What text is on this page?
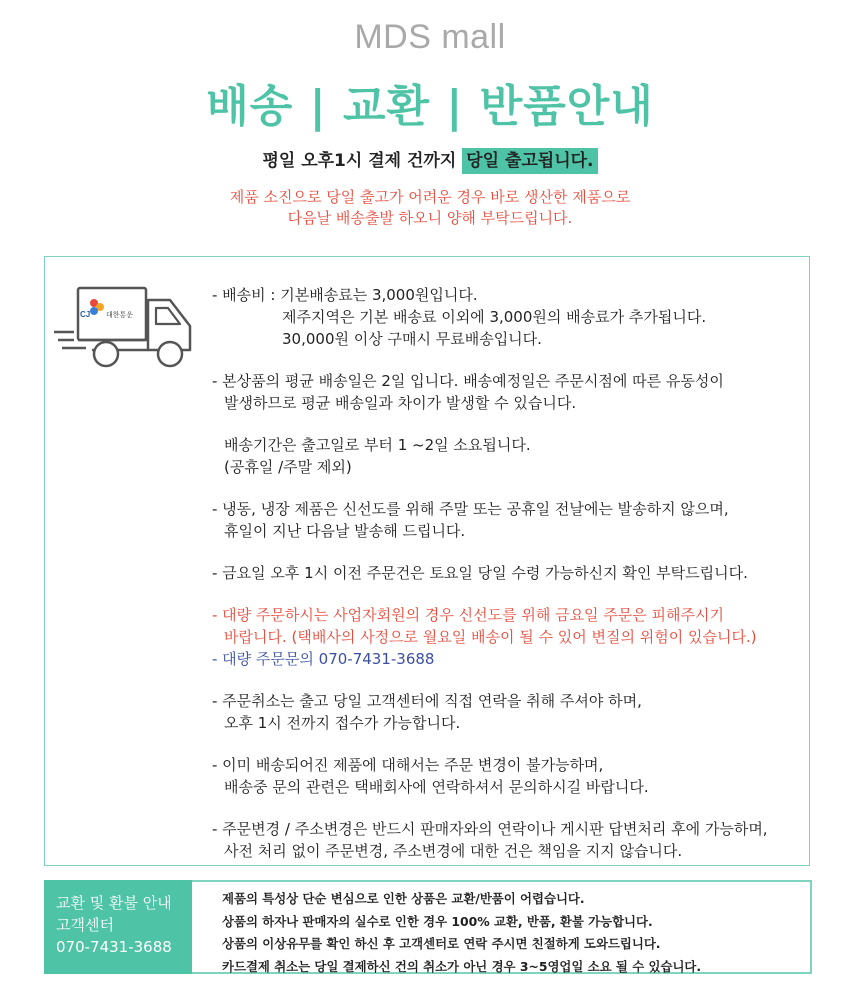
MDS mall
배송 | 교환 | 반품안내
평일 오후1시 결제 건까지 당일 출고됩니다.
제품 소진으로 당일 출고가 어려운 경우 바로 생산한 제품으로
다음날 배송출발 하오니 양해 부탁드립니다.
CJ 대한통운
- 배송비 : 기본배송료는 3,000원입니다.
제주지역은 기본 배송료 이외에 3,000원의 배송료가 추가됩니다.
30,000원 이상 구매시 무료배송입니다.
- 본상품의 평균 배송일은 2일 입니다. 배송예정일은 주문시점에 따른 유동성이
발생하므로 평균 배송일과 차이가 발생할 수 있습니다.
배송기간은 출고일로 부터 1 ~2일 소요됩니다.
(공휴일 /주말 제외)
- 냉동, 냉장 제품은 신선도를 위해 주말 또는 공휴일 전날에는 발송하지 않으며,
휴일이 지난 다음날 발송해 드립니다.
- 금요일 오후 1시 이전 주문건은 토요일 당일 수령 가능하신지 확인 부탁드립니다.
- 대량 주문하시는 사업자회원의 경우 신선도를 위해 금요일 주문은 피해주시기
바랍니다. (택배사의 사정으로 월요일 배송이 될 수 있어 변질의 위험이 있습니다.)
- 대량 주문문의 070-7431-3688
- 주문취소는 출고 당일 고객센터에 직접 연락을 취해 주셔야 하며,
오후 1시 전까지 접수가 가능합니다.
- 이미 배송되어진 제품에 대해서는 주문 변경이 불가능하며,
배송중 문의 관련은 택배회사에 연락하셔서 문의하시길 바랍니다.
- 주문변경 / 주소변경은 반드시 판매자와의 연락이나 게시판 답변처리 후에 가능하며,
사전 처리 없이 주문변경, 주소변경에 대한 건은 책임을 지지 않습니다.
교환 및 환불 안내
고객센터
070-7431-3688
제품의 특성상 단순 변심으로 인한 상품은 교환/반품이 어렵습니다.
상품의 하자나 판매자의 실수로 인한 경우 100% 교환, 반품, 환불 가능합니다.
상품의 이상유무를 확인 하신 후 고객센터로 연락 주시면 친절하게 도와드립니다.
카드결제 취소는 당일 결제하신 건의 취소가 아닌 경우 3~5영업일 소요 될 수 있습니다.
